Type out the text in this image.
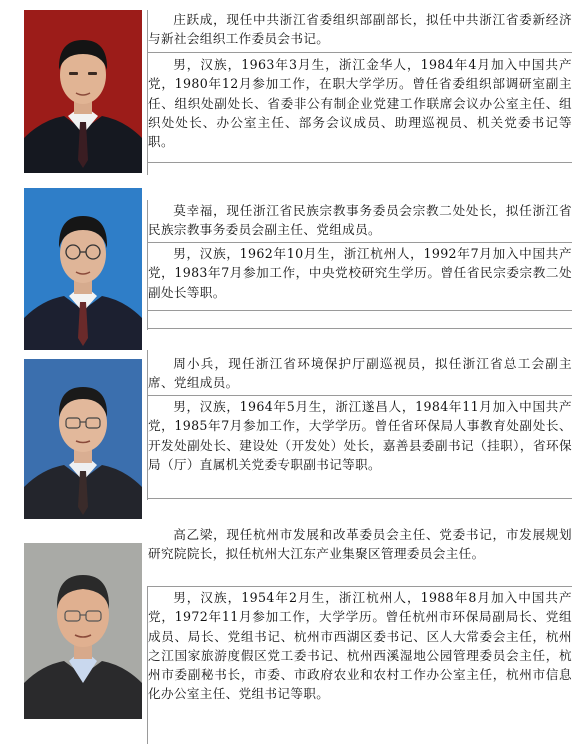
庄跃成，现任中共浙江省委组织部副部长，拟任中共浙江省委新经济与新社会组织工作委员会书记。

男，汉族，1963年3月生，浙江金华人，1984年4月加入中国共产党，1980年12月参加工作，在职大学学历。曾任省委组织部调研室副主任、组织处副处长、省委非公有制企业党建工作联席会议办公室主任、组织处处长、办公室主任、部务会议成员、助理巡视员、机关党委书记等职。

莫幸福，现任浙江省民族宗教事务委员会宗教二处处长，拟任浙江省民族宗教事务委员会副主任、党组成员。

男，汉族，1962年10月生，浙江杭州人，1992年7月加入中国共产党，1983年7月参加工作，中央党校研究生学历。曾任省民宗委宗教二处副处长等职。

周小兵，现任浙江省环境保护厅副巡视员，拟任浙江省总工会副主席、党组成员。

男，汉族，1964年5月生，浙江遂昌人，1984年11月加入中国共产党，1985年7月参加工作，大学学历。曾任省环保局人事教育处副处长、开发处副处长、建设处（开发处）处长，嘉善县委副书记（挂职），省环保局（厅）直属机关党委专职副书记等职。

高乙梁，现任杭州市发展和改革委员会主任、党委书记，市发展规划研究院院长，拟任杭州大江东产业集聚区管理委员会主任。

男，汉族，1954年2月生，浙江杭州人，1988年8月加入中国共产党，1972年11月参加工作，大学学历。曾任杭州市环保局副局长、党组成员、局长、党组书记、杭州市西湖区委书记、区人大常委会主任，杭州之江国家旅游度假区党工委书记、杭州西溪湿地公园管理委员会主任，杭州市委副秘书长，市委、市政府农业和农村工作办公室主任，杭州市信息化办公室主任、党组书记等职。
